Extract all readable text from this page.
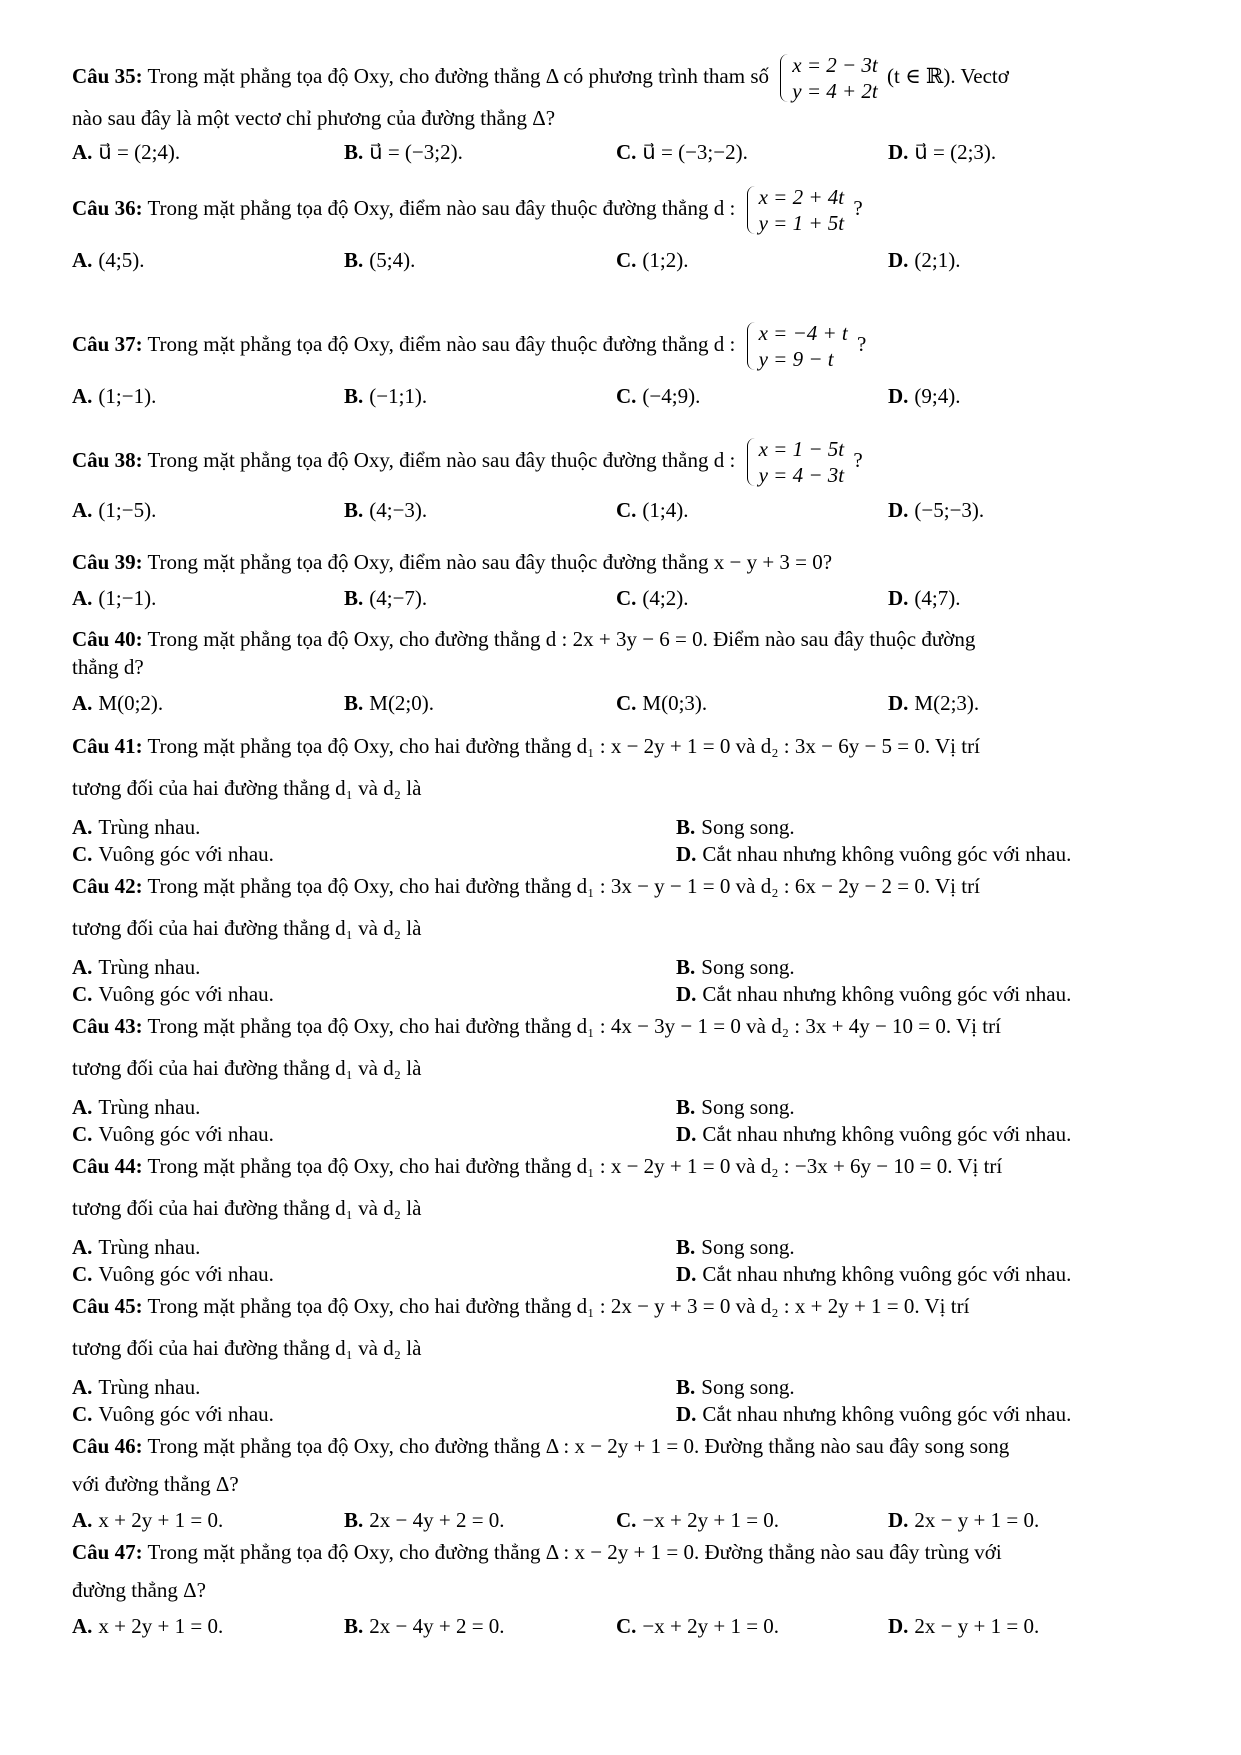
Câu 35: Trong mặt phẳng tọa độ Oxy, cho đường thẳng Δ có phương trình tham số x = 2 − 3t
y = 4 + 2t
(t ∈ ℝ). Vectơ

nào sau đây là một vectơ chỉ phương của đường thẳng Δ?

A. u⃗ = (2;4).	B. u⃗ = (−3;2).	C. u⃗ = (−3;−2).	D. u⃗ = (2;3).

Câu 36: Trong mặt phẳng tọa độ Oxy, điểm nào sau đây thuộc đường thẳng d : x = 2 + 4t
y = 1 + 5t
?

A. (4;5).	B. (5;4).	C. (1;2).	D. (2;1).

Câu 37: Trong mặt phẳng tọa độ Oxy, điểm nào sau đây thuộc đường thẳng d : x = −4 + t
y = 9 − t
?

A. (1;−1).	B. (−1;1).	C. (−4;9).	D. (9;4).

Câu 38: Trong mặt phẳng tọa độ Oxy, điểm nào sau đây thuộc đường thẳng d : x = 1 − 5t
y = 4 − 3t
?

A. (1;−5).	B. (4;−3).	C. (1;4).	D. (−5;−3).

Câu 39: Trong mặt phẳng tọa độ Oxy, điểm nào sau đây thuộc đường thẳng x − y + 3 = 0?

A. (1;−1).	B. (4;−7).	C. (4;2).	D. (4;7).

Câu 40: Trong mặt phẳng tọa độ Oxy, cho đường thẳng d : 2x + 3y − 6 = 0. Điểm nào sau đây thuộc đường

thẳng d?

A. M(0;2).	B. M(2;0).	C. M(0;3).	D. M(2;3).

Câu 41: Trong mặt phẳng tọa độ Oxy, cho hai đường thẳng d₁ : x − 2y + 1 = 0 và d₂ : 3x − 6y − 5 = 0. Vị trí

tương đối của hai đường thẳng d₁ và d₂ là

A. Trùng nhau.	B. Song song.
C. Vuông góc với nhau.	D. Cắt nhau nhưng không vuông góc với nhau.

Câu 42: Trong mặt phẳng tọa độ Oxy, cho hai đường thẳng d₁ : 3x − y − 1 = 0 và d₂ : 6x − 2y − 2 = 0. Vị trí

tương đối của hai đường thẳng d₁ và d₂ là

A. Trùng nhau.	B. Song song.
C. Vuông góc với nhau.	D. Cắt nhau nhưng không vuông góc với nhau.

Câu 43: Trong mặt phẳng tọa độ Oxy, cho hai đường thẳng d₁ : 4x − 3y − 1 = 0 và d₂ : 3x + 4y − 10 = 0. Vị trí

tương đối của hai đường thẳng d₁ và d₂ là

A. Trùng nhau.	B. Song song.
C. Vuông góc với nhau.	D. Cắt nhau nhưng không vuông góc với nhau.

Câu 44: Trong mặt phẳng tọa độ Oxy, cho hai đường thẳng d₁ : x − 2y + 1 = 0 và d₂ : −3x + 6y − 10 = 0. Vị trí

tương đối của hai đường thẳng d₁ và d₂ là

A. Trùng nhau.	B. Song song.
C. Vuông góc với nhau.	D. Cắt nhau nhưng không vuông góc với nhau.

Câu 45: Trong mặt phẳng tọa độ Oxy, cho hai đường thẳng d₁ : 2x − y + 3 = 0 và d₂ : x + 2y + 1 = 0. Vị trí

tương đối của hai đường thẳng d₁ và d₂ là

A. Trùng nhau.	B. Song song.
C. Vuông góc với nhau.	D. Cắt nhau nhưng không vuông góc với nhau.

Câu 46: Trong mặt phẳng tọa độ Oxy, cho đường thẳng Δ : x − 2y + 1 = 0. Đường thẳng nào sau đây song song

với đường thẳng Δ?

A. x + 2y + 1 = 0.	B. 2x − 4y + 2 = 0.	C. −x + 2y + 1 = 0.	D. 2x − y + 1 = 0.

Câu 47: Trong mặt phẳng tọa độ Oxy, cho đường thẳng Δ : x − 2y + 1 = 0. Đường thẳng nào sau đây trùng với

đường thẳng Δ?

A. x + 2y + 1 = 0.	B. 2x − 4y + 2 = 0.	C. −x + 2y + 1 = 0.	D. 2x − y + 1 = 0.
